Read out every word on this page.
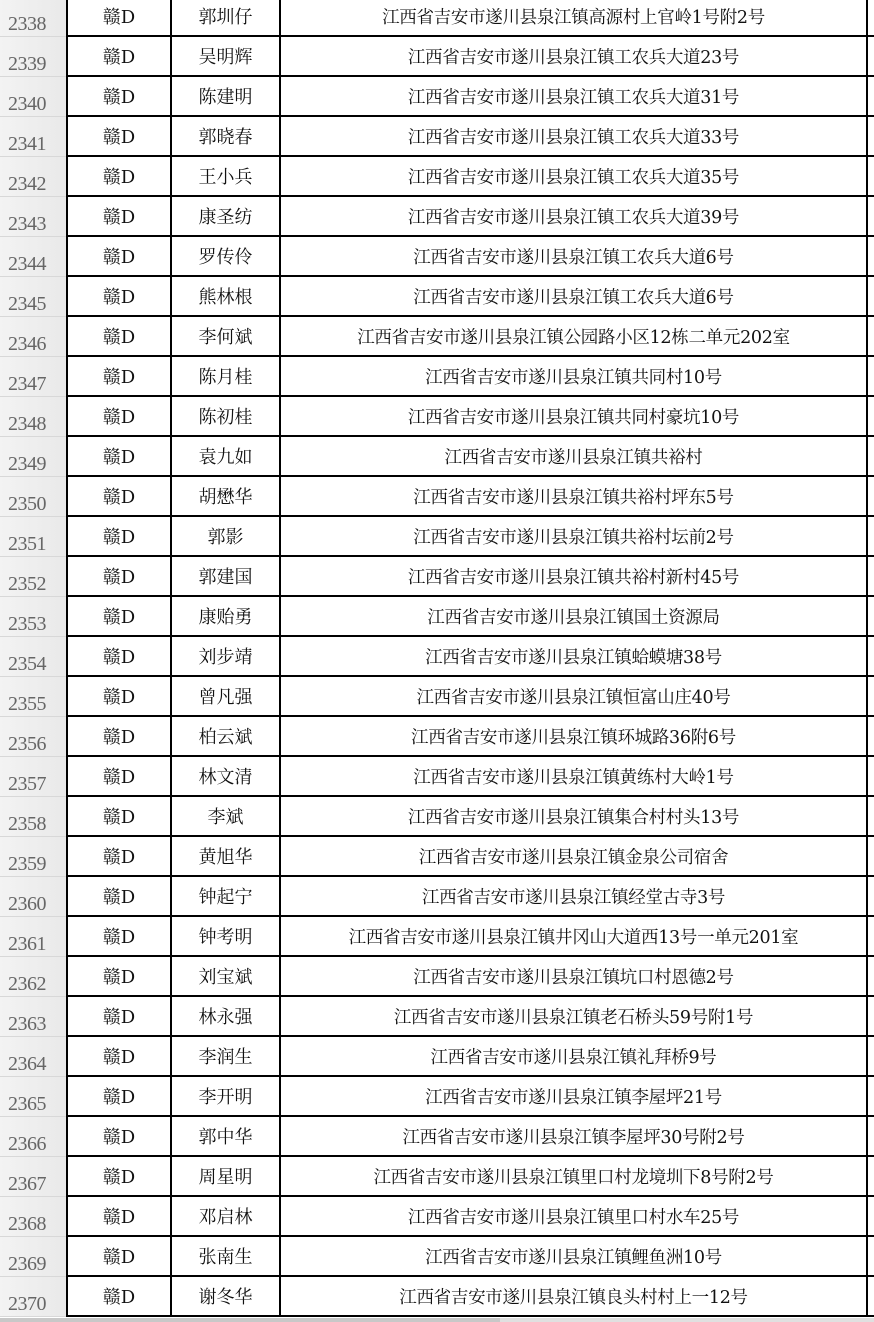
2338	赣D	郭圳仔	江西省吉安市遂川县泉江镇高源村上官岭1号附2号
2339	赣D	吴明辉	江西省吉安市遂川县泉江镇工农兵大道23号
2340	赣D	陈建明	江西省吉安市遂川县泉江镇工农兵大道31号
2341	赣D	郭晓春	江西省吉安市遂川县泉江镇工农兵大道33号
2342	赣D	王小兵	江西省吉安市遂川县泉江镇工农兵大道35号
2343	赣D	康圣纺	江西省吉安市遂川县泉江镇工农兵大道39号
2344	赣D	罗传伶	江西省吉安市遂川县泉江镇工农兵大道6号
2345	赣D	熊林根	江西省吉安市遂川县泉江镇工农兵大道6号
2346	赣D	李何斌	江西省吉安市遂川县泉江镇公园路小区12栋二单元202室
2347	赣D	陈月桂	江西省吉安市遂川县泉江镇共同村10号
2348	赣D	陈初桂	江西省吉安市遂川县泉江镇共同村豪坑10号
2349	赣D	袁九如	江西省吉安市遂川县泉江镇共裕村
2350	赣D	胡懋华	江西省吉安市遂川县泉江镇共裕村坪东5号
2351	赣D	郭影	江西省吉安市遂川县泉江镇共裕村坛前2号
2352	赣D	郭建国	江西省吉安市遂川县泉江镇共裕村新村45号
2353	赣D	康贻勇	江西省吉安市遂川县泉江镇国土资源局
2354	赣D	刘步靖	江西省吉安市遂川县泉江镇蛤蟆塘38号
2355	赣D	曾凡强	江西省吉安市遂川县泉江镇恒富山庄40号
2356	赣D	柏云斌	江西省吉安市遂川县泉江镇环城路36附6号
2357	赣D	林文清	江西省吉安市遂川县泉江镇黄练村大岭1号
2358	赣D	李斌	江西省吉安市遂川县泉江镇集合村村头13号
2359	赣D	黄旭华	江西省吉安市遂川县泉江镇金泉公司宿舍
2360	赣D	钟起宁	江西省吉安市遂川县泉江镇经堂古寺3号
2361	赣D	钟考明	江西省吉安市遂川县泉江镇井冈山大道西13号一单元201室
2362	赣D	刘宝斌	江西省吉安市遂川县泉江镇坑口村恩德2号
2363	赣D	林永强	江西省吉安市遂川县泉江镇老石桥头59号附1号
2364	赣D	李润生	江西省吉安市遂川县泉江镇礼拜桥9号
2365	赣D	李开明	江西省吉安市遂川县泉江镇李屋坪21号
2366	赣D	郭中华	江西省吉安市遂川县泉江镇李屋坪30号附2号
2367	赣D	周星明	江西省吉安市遂川县泉江镇里口村龙境圳下8号附2号
2368	赣D	邓启林	江西省吉安市遂川县泉江镇里口村水车25号
2369	赣D	张南生	江西省吉安市遂川县泉江镇鲤鱼洲10号
2370	赣D	谢冬华	江西省吉安市遂川县泉江镇良头村村上一12号
